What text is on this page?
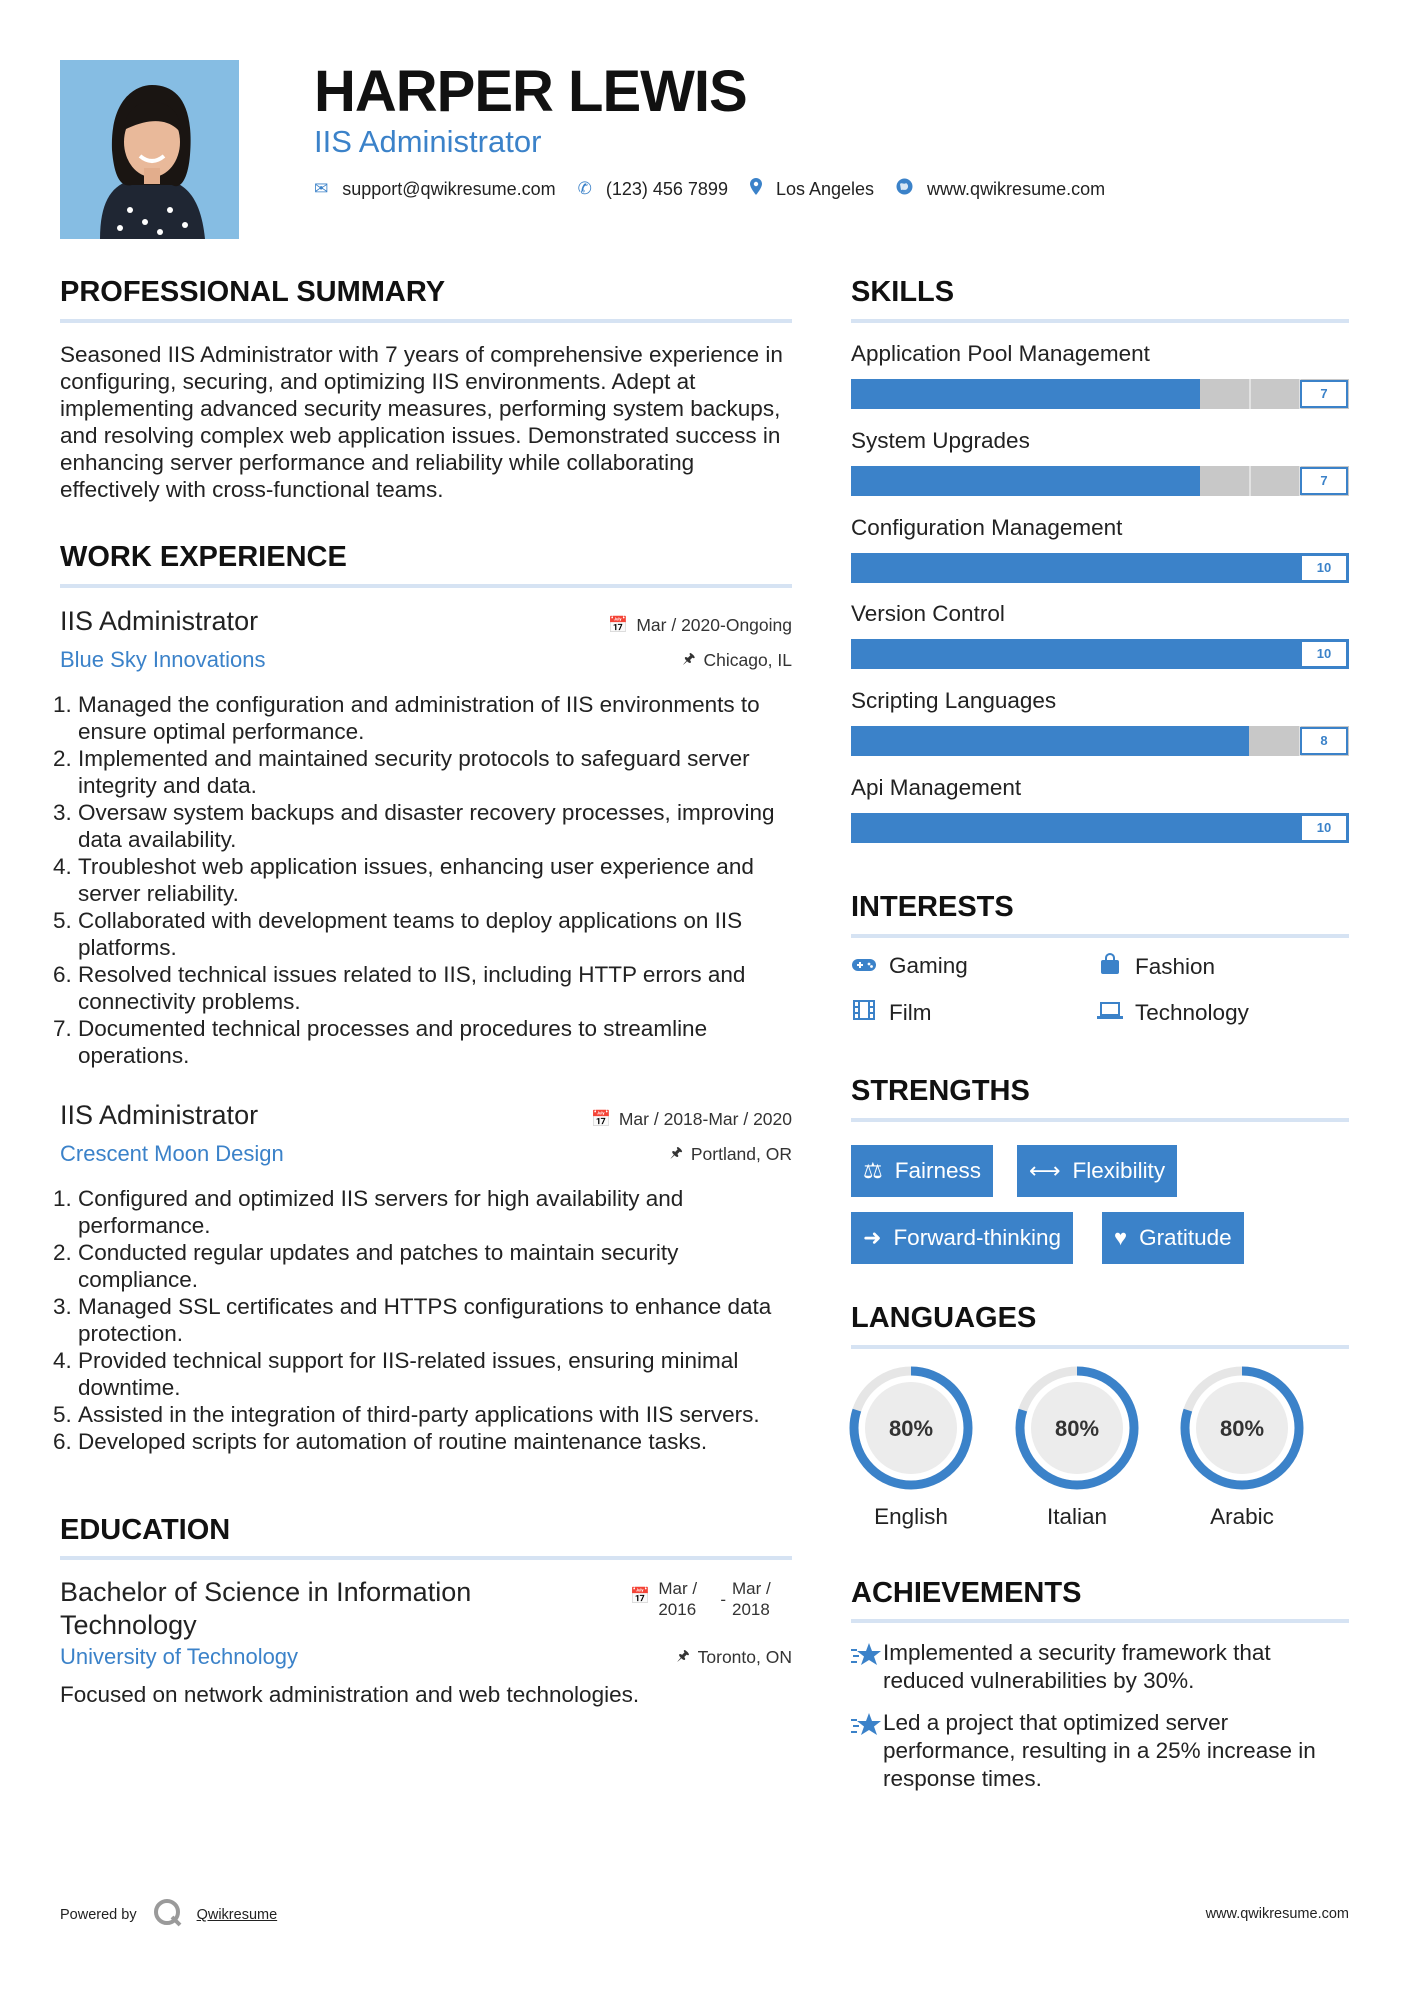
HARPER LEWIS
IIS Administrator
✉ support@qwikresume.com ✆ (123) 456 7899	Los Angeles	www.qwikresume.com
PROFESSIONAL SUMMARY
Seasoned IIS Administrator with 7 years of comprehensive experience in configuring, securing, and optimizing IIS environments. Adept at implementing advanced security measures, performing system backups, and resolving complex web application issues. Demonstrated success in enhancing server performance and reliability while collaborating effectively with cross-functional teams.
WORK EXPERIENCE
IIS Administrator	📅 Mar / 2020-Ongoing
Blue Sky Innovations	🖈 Chicago, IL
1. Managed the configuration and administration of IIS environments to ensure optimal performance.
2. Implemented and maintained security protocols to safeguard server integrity and data.
3. Oversaw system backups and disaster recovery processes, improving data availability.
4. Troubleshot web application issues, enhancing user experience and server reliability.
5. Collaborated with development teams to deploy applications on IIS platforms.
6. Resolved technical issues related to IIS, including HTTP errors and connectivity problems.
7. Documented technical processes and procedures to streamline operations.
IIS Administrator	📅 Mar / 2018-Mar / 2020
Crescent Moon Design	🖈 Portland, OR
1. Configured and optimized IIS servers for high availability and performance.
2. Conducted regular updates and patches to maintain security compliance.
3. Managed SSL certificates and HTTPS configurations to enhance data protection.
4. Provided technical support for IIS-related issues, ensuring minimal downtime.
5. Assisted in the integration of third-party applications with IIS servers.
6. Developed scripts for automation of routine maintenance tasks.
EDUCATION
Bachelor of Science in Information Technology
📅 Mar / 2016
-
Mar / 2018
University of Technology	🖈 Toronto, ON
Focused on network administration and web technologies.
SKILLS
Application Pool Management
7
System Upgrades
7
Configuration Management
10
Version Control
10
Scripting Languages
8
Api Management
10
INTERESTS
Gaming	Fashion
Film	Technology
STRENGTHS
⚖ Fairness ⟷ Flexibility
➜ Forward-thinking ♥ Gratitude
LANGUAGES
80%
English
80%
Italian
80%
Arabic
ACHIEVEMENTS
Implemented a security framework that reduced vulnerabilities by 30%.
Led a project that optimized server performance, resulting in a 25% increase in response times.
Powered by	Qwikresume	www.qwikresume.com
